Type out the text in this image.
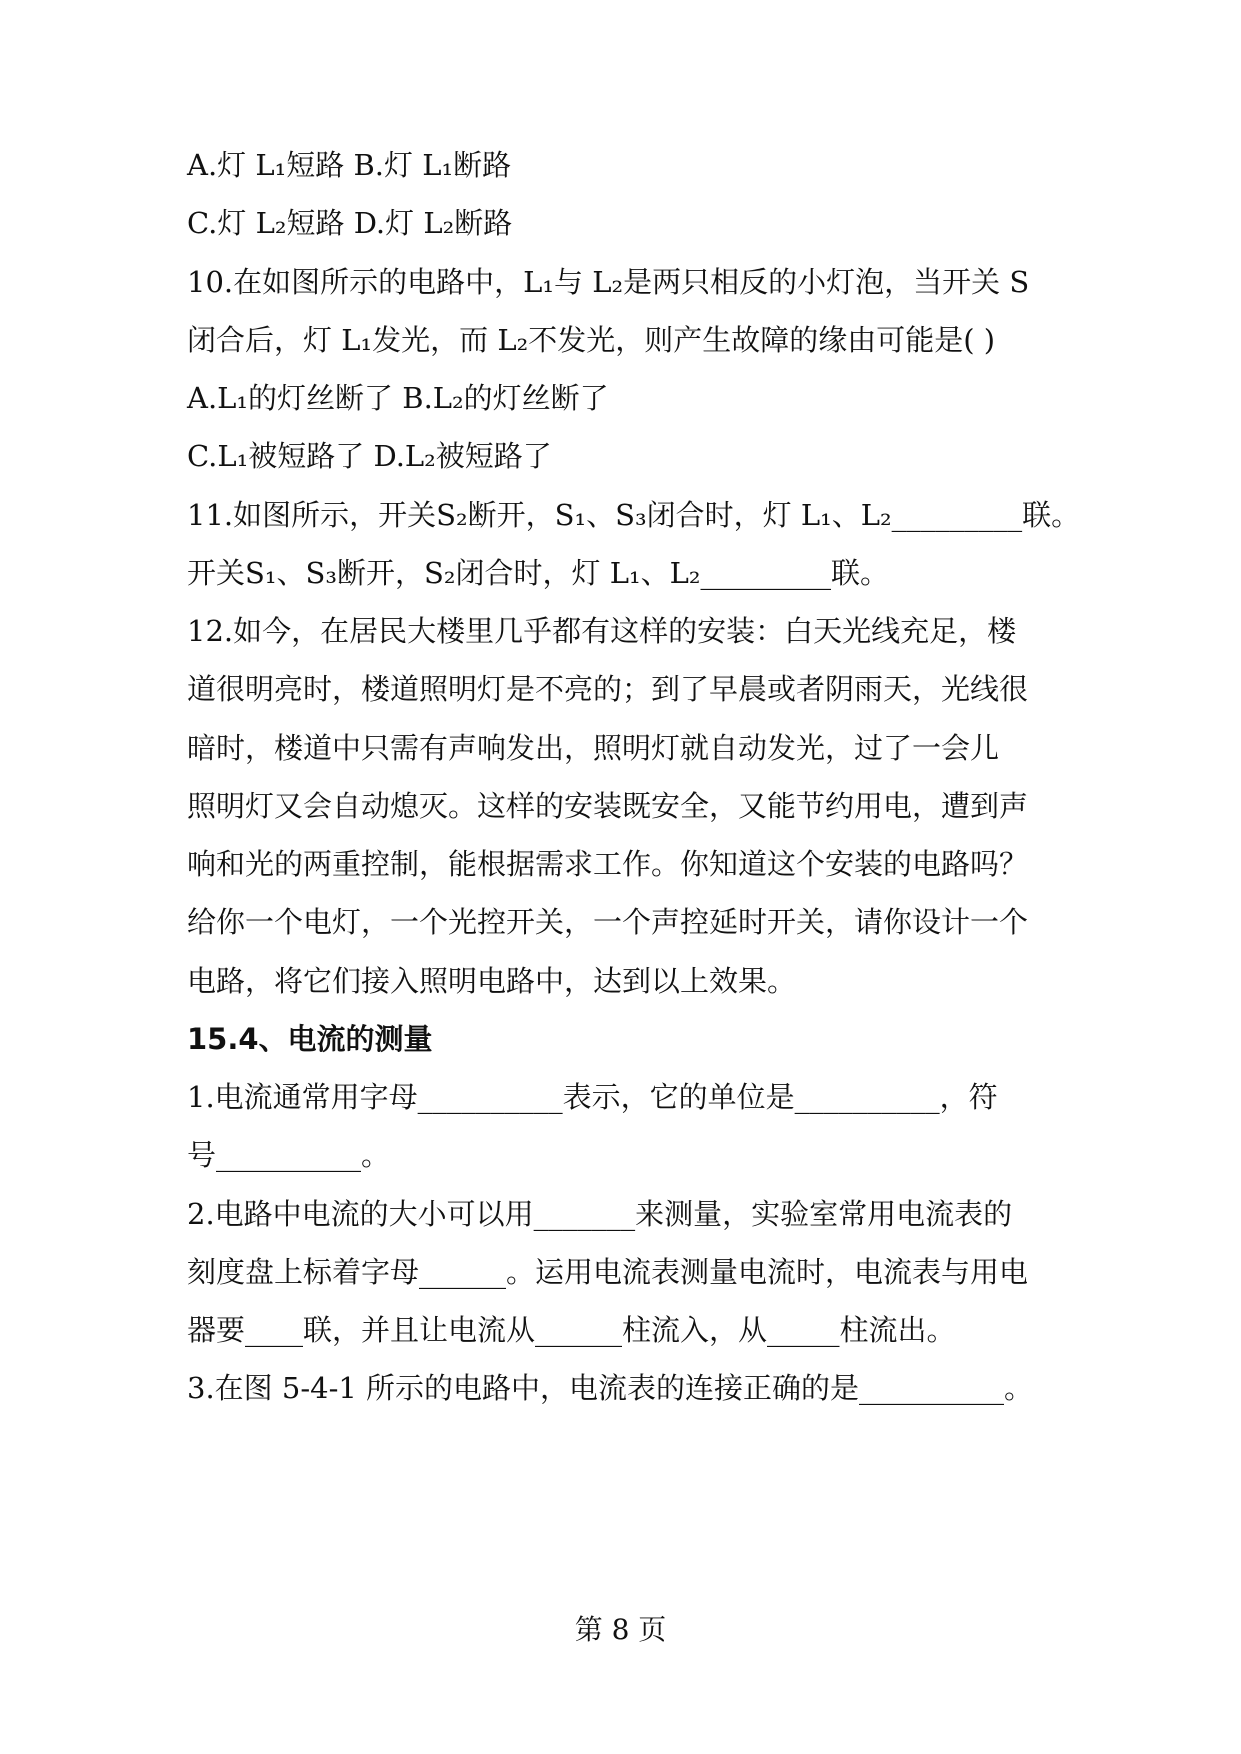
A.灯 L₁短路 B.灯 L₁断路
C.灯 L₂短路 D.灯 L₂断路
10.在如图所示的电路中，L₁与 L₂是两只相反的小灯泡，当开关 S
闭合后，灯 L₁发光，而 L₂不发光，则产生故障的缘由可能是( )
A.L₁的灯丝断了 B.L₂的灯丝断了
C.L₁被短路了 D.L₂被短路了
11.如图所示，开关S₂断开，S₁、S₃闭合时，灯 L₁、L₂_________联。
开关S₁、S₃断开，S₂闭合时，灯 L₁、L₂_________联。
12.如今，在居民大楼里几乎都有这样的安装：白天光线充足，楼
道很明亮时，楼道照明灯是不亮的；到了早晨或者阴雨天，光线很
暗时，楼道中只需有声响发出，照明灯就自动发光，过了一会儿
照明灯又会自动熄灭。这样的安装既安全，又能节约用电，遭到声
响和光的两重控制，能根据需求工作。你知道这个安装的电路吗？
给你一个电灯，一个光控开关，一个声控延时开关，请你设计一个
电路，将它们接入照明电路中，达到以上效果。
15.4、电流的测量
1.电流通常用字母__________表示，它的单位是__________，符
号__________。
2.电路中电流的大小可以用_______来测量，实验室常用电流表的
刻度盘上标着字母______。运用电流表测量电流时，电流表与用电
器要____联，并且让电流从______柱流入，从_____柱流出。
3.在图 5-4-1 所示的电路中，电流表的连接正确的是__________。
第 8 页
